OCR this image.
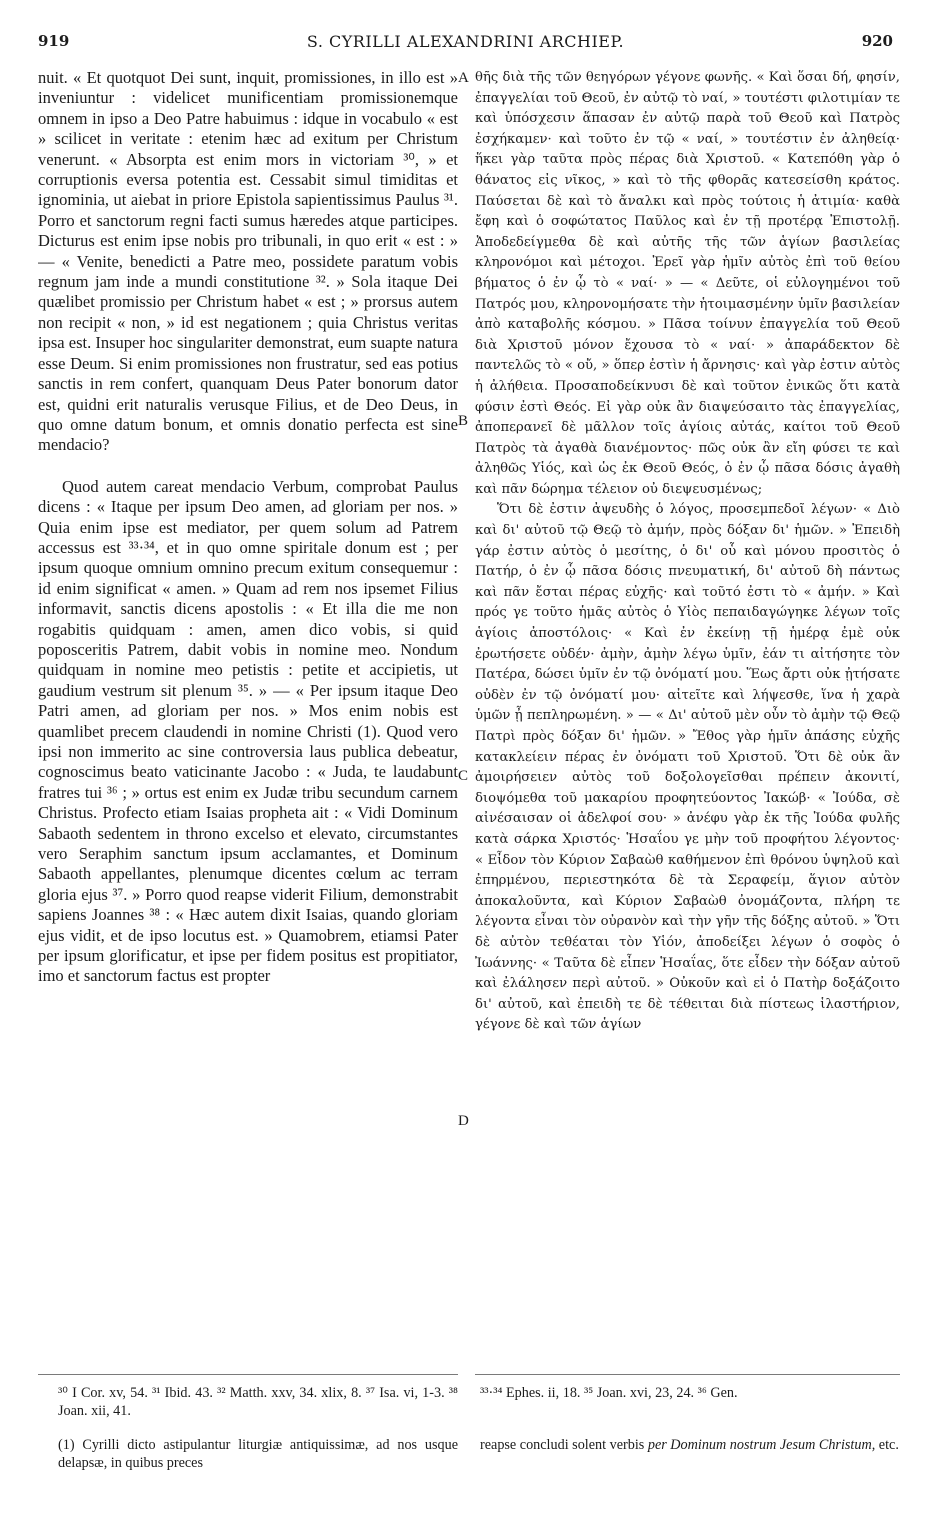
919	S. CYRILLI ALEXANDRINI ARCHIEP.	920

nuit. « Et quotquot Dei sunt, inquit, promissiones, in illo est » inveniuntur : videlicet munificentiam promissionemque omnem in ipso a Deo Patre habuimus : idque in vocabulo « est » scilicet in veritate : etenim hæc ad exitum per Christum venerunt. « Absorpta est enim mors in victoriam ³⁰, » et corruptionis eversa potentia est. Cessabit simul timiditas et ignominia, ut aiebat in priore Epistola sapientissimus Paulus ³¹. Porro et sanctorum regni facti sumus hæredes atque participes. Dicturus est enim ipse nobis pro tribunali, in quo erit « est : » — « Venite, benedicti a Patre meo, possidete paratum vobis regnum jam inde a mundi constitutione ³². » Sola itaque Dei quælibet promissio per Christum habet « est ; » prorsus autem non recipit « non, » id est negationem ; quia Christus veritas ipsa est. Insuper hoc singulariter demonstrat, eum suapte natura esse Deum. Si enim promissiones non frustratur, sed eas potius sanctis in rem confert, quanquam Deus Pater bonorum dator est, quidni erit naturalis verusque Filius, et de Deo Deus, in quo omne datum bonum, et omnis donatio perfecta est sine mendacio?

Quod autem careat mendacio Verbum, comprobat Paulus dicens : « Itaque per ipsum Deo amen, ad gloriam per nos. » Quia enim ipse est mediator, per quem solum ad Patrem accessus est ³³·³⁴, et in quo omne spiritale donum est ; per ipsum quoque omnium omnino precum exitum consequemur : id enim significat « amen. » Quam ad rem nos ipsemet Filius informavit, sanctis dicens apostolis : « Et illa die me non rogabitis quidquam : amen, amen dico vobis, si quid poposceritis Patrem, dabit vobis in nomine meo. Nondum quidquam in nomine meo petistis : petite et accipietis, ut gaudium vestrum sit plenum ³⁵. » — « Per ipsum itaque Deo Patri amen, ad gloriam per nos. » Mos enim nobis est quamlibet precem claudendi in nomine Christi (1). Quod vero ipsi non immerito ac sine controversia laus publica debeatur, cognoscimus beato vaticinante Jacobo : « Juda, te laudabunt fratres tui ³⁶ ; » ortus est enim ex Judæ tribu secundum carnem Christus. Profecto etiam Isaias propheta ait : « Vidi Dominum Sabaoth sedentem in throno excelso et elevato, circumstantes vero Seraphim sanctum ipsum acclamantes, et Dominum Sabaoth appellantes, plenumque dicentes cœlum ac terram gloria ejus ³⁷. » Porro quod reapse viderit Filium, demonstrabit sapiens Joannes ³⁸ : « Hæc autem dixit Isaias, quando gloriam ejus vidit, et de ipso locutus est. » Quamobrem, etiamsi Pater per ipsum glorificatur, et ipse per fidem positus est propitiator, imo et sanctorum factus est propter

A
B
C
D

θῆς διὰ τῆς τῶν θεηγόρων γέγονε φωνῆς. « Καὶ ὅσαι δή, φησίν, ἐπαγγελίαι τοῦ Θεοῦ, ἐν αὐτῷ τὸ ναί, » τουτέστι φιλοτιμίαν τε καὶ ὑπόσχεσιν ἅπασαν ἐν αὐτῷ παρὰ τοῦ Θεοῦ καὶ Πατρὸς ἐσχήκαμεν· καὶ τοῦτο ἐν τῷ « ναί, » τουτέστιν ἐν ἀληθείᾳ· ἥκει γὰρ ταῦτα πρὸς πέρας διὰ Χριστοῦ. « Κατεπόθη γὰρ ὁ θάνατος εἰς νῖκος, » καὶ τὸ τῆς φθορᾶς κατεσείσθη κράτος. Παύσεται δὲ καὶ τὸ ἄναλκι καὶ πρὸς τούτοις ἡ ἀτιμία· καθὰ ἔφη καὶ ὁ σοφώτατος Παῦλος καὶ ἐν τῇ προτέρᾳ Ἐπιστολῇ. Ἀποδεδείγμεθα δὲ καὶ αὐτῆς τῆς τῶν ἁγίων βασιλείας κληρονόμοι καὶ μέτοχοι. Ἐρεῖ γὰρ ἡμῖν αὐτὸς ἐπὶ τοῦ θείου βήματος ὁ ἐν ᾧ τὸ « ναί· » — « Δεῦτε, οἱ εὐλογημένοι τοῦ Πατρός μου, κληρονομήσατε τὴν ἡτοιμασμένην ὑμῖν βασιλείαν ἀπὸ καταβολῆς κόσμου. » Πᾶσα τοίνυν ἐπαγγελία τοῦ Θεοῦ διὰ Χριστοῦ μόνον ἔχουσα τὸ « ναί· » ἀπαράδεκτον δὲ παντελῶς τὸ « οὔ, » ὅπερ ἐστὶν ἡ ἄρνησις· καὶ γὰρ ἐστιν αὐτὸς ἡ ἀλήθεια. Προσαποδείκνυσι δὲ καὶ τοῦτον ἐνικῶς ὅτι κατὰ φύσιν ἐστὶ Θεός. Εἰ γὰρ οὐκ ἂν διαψεύσαιτο τὰς ἐπαγγελίας, ἀποπερανεῖ δὲ μᾶλλον τοῖς ἁγίοις αὐτάς, καίτοι τοῦ Θεοῦ Πατρὸς τὰ ἀγαθὰ διανέμοντος· πῶς οὐκ ἂν εἴη φύσει τε καὶ ἀληθῶς Υἱός, καὶ ὡς ἐκ Θεοῦ Θεός, ὁ ἐν ᾧ πᾶσα δόσις ἀγαθὴ καὶ πᾶν δώρημα τέλειον οὐ διεψευσμένως;

Ὅτι δὲ ἐστιν ἀψευδὴς ὁ λόγος, προσεμπεδοῖ λέγων· « Διὸ καὶ δι' αὐτοῦ τῷ Θεῷ τὸ ἀμήν, πρὸς δόξαν δι' ἡμῶν. » Ἐπειδὴ γάρ ἐστιν αὐτὸς ὁ μεσίτης, ὁ δι' οὗ καὶ μόνου προσιτὸς ὁ Πατήρ, ὁ ἐν ᾧ πᾶσα δόσις πνευματική, δι' αὐτοῦ δὴ πάντως καὶ πᾶν ἔσται πέρας εὐχῆς· καὶ τοῦτό ἐστι τὸ « ἀμήν. » Καὶ πρός γε τοῦτο ἡμᾶς αὐτὸς ὁ Υἱὸς πεπαιδαγώγηκε λέγων τοῖς ἁγίοις ἀποστόλοις· « Καὶ ἐν ἐκείνῃ τῇ ἡμέρᾳ ἐμὲ οὐκ ἐρωτήσετε οὐδέν· ἀμὴν, ἀμὴν λέγω ὑμῖν, ἐάν τι αἰτήσητε τὸν Πατέρα, δώσει ὑμῖν ἐν τῷ ὀνόματί μου. Ἕως ἄρτι οὐκ ᾐτήσατε οὐδὲν ἐν τῷ ὀνόματί μου· αἰτεῖτε καὶ λήψεσθε, ἵνα ἡ χαρὰ ὑμῶν ᾖ πεπληρωμένη. » — « Δι' αὐτοῦ μὲν οὖν τὸ ἀμὴν τῷ Θεῷ Πατρὶ πρὸς δόξαν δι' ἡμῶν. » Ἔθος γὰρ ἡμῖν ἁπάσης εὐχῆς κατακλείειν πέρας ἐν ὀνόματι τοῦ Χριστοῦ. Ὅτι δὲ οὐκ ἂν ἀμοιρήσειεν αὐτὸς τοῦ δοξολογεῖσθαι πρέπειν ἀκονιτί, διοψόμεθα τοῦ μακαρίου προφητεύοντος Ἰακώβ· « Ἰούδα, σὲ αἰνέσαισαν οἱ ἀδελφοί σου· » ἀνέφυ γὰρ ἐκ τῆς Ἰούδα φυλῆς κατὰ σάρκα Χριστός· Ἡσαΐου γε μὴν τοῦ προφήτου λέγοντος· « Εἶδον τὸν Κύριον Σαβαὼθ καθήμενον ἐπὶ θρόνου ὑψηλοῦ καὶ ἐπηρμένου, περιεστηκότα δὲ τὰ Σεραφείμ, ἅγιον αὐτὸν ἀποκαλοῦντα, καὶ Κύριον Σαβαὼθ ὀνομάζοντα, πλήρη τε λέγοντα εἶναι τὸν οὐρανὸν καὶ τὴν γῆν τῆς δόξης αὐτοῦ. » Ὅτι δὲ αὐτὸν τεθέαται τὸν Υἱόν, ἀποδείξει λέγων ὁ σοφὸς ὁ Ἰωάννης· « Ταῦτα δὲ εἶπεν Ἡσαΐας, ὅτε εἶδεν τὴν δόξαν αὐτοῦ καὶ ἐλάλησεν περὶ αὐτοῦ. » Οὐκοῦν καὶ εἰ ὁ Πατὴρ δοξάζοιτο δι' αὐτοῦ, καὶ ἐπειδὴ τε δὲ τέθειται διὰ πίστεως ἱλαστήριον, γέγονε δὲ καὶ τῶν ἁγίων

³⁰ I Cor. xv, 54. ³¹ Ibid. 43. ³² Matth. xxv, 34. xlix, 8. ³⁷ Isa. vi, 1-3. ³⁸ Joan. xii, 41.

³³·³⁴ Ephes. ii, 18. ³⁵ Joan. xvi, 23, 24. ³⁶ Gen.

(1) Cyrilli dicto astipulantur liturgiæ antiquissimæ, ad nos usque delapsæ, in quibus preces

reapse concludi solent verbis per Dominum nostrum Jesum Christum, etc.
